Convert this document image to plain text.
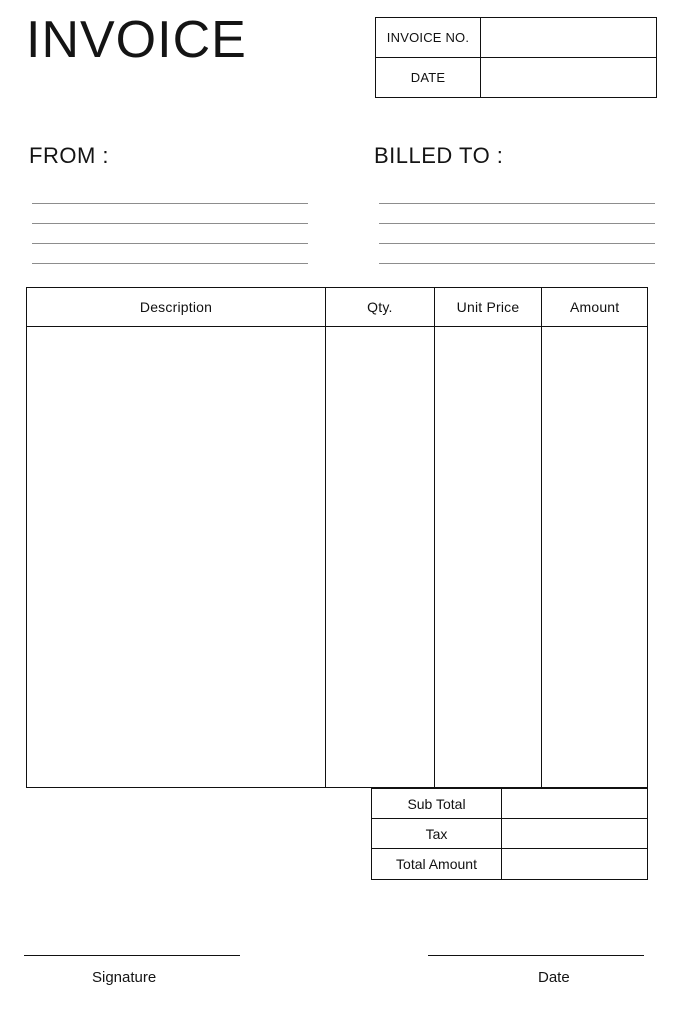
INVOICE	INVOICE NO.
DATE
FROM :	BILLED TO :
Description	Qty.	Unit Price	Amount
Sub Total
Tax
Total Amount
Signature	Date
